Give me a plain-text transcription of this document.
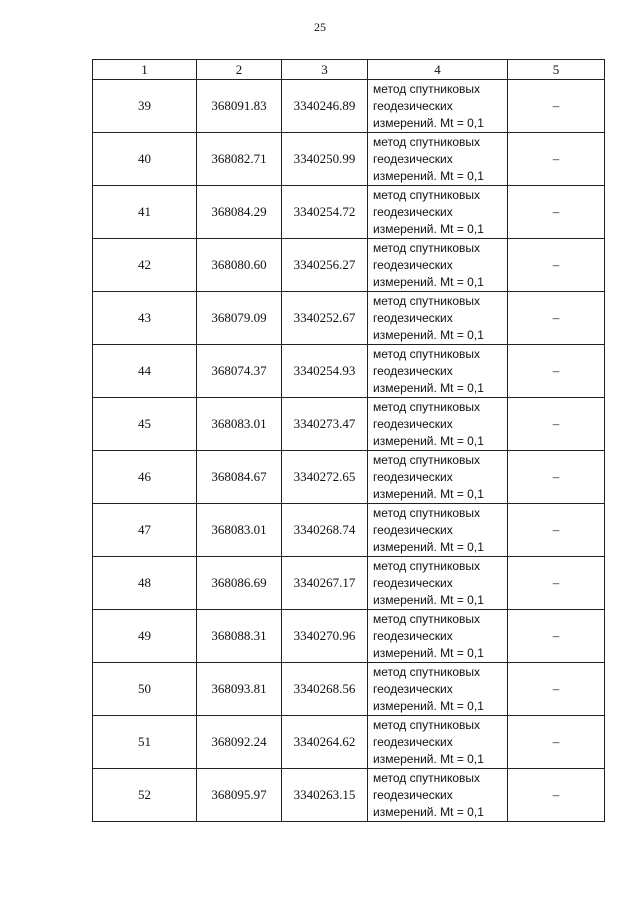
25
1	2	3	4	5
39	368091.83	3340246.89	метод спутниковых
геодезических
измерений. Mt = 0,1	–
40	368082.71	3340250.99	метод спутниковых
геодезических
измерений. Mt = 0,1	–
41	368084.29	3340254.72	метод спутниковых
геодезических
измерений. Mt = 0,1	–
42	368080.60	3340256.27	метод спутниковых
геодезических
измерений. Mt = 0,1	–
43	368079.09	3340252.67	метод спутниковых
геодезических
измерений. Mt = 0,1	–
44	368074.37	3340254.93	метод спутниковых
геодезических
измерений. Mt = 0,1	–
45	368083.01	3340273.47	метод спутниковых
геодезических
измерений. Mt = 0,1	–
46	368084.67	3340272.65	метод спутниковых
геодезических
измерений. Mt = 0,1	–
47	368083.01	3340268.74	метод спутниковых
геодезических
измерений. Mt = 0,1	–
48	368086.69	3340267.17	метод спутниковых
геодезических
измерений. Mt = 0,1	–
49	368088.31	3340270.96	метод спутниковых
геодезических
измерений. Mt = 0,1	–
50	368093.81	3340268.56	метод спутниковых
геодезических
измерений. Mt = 0,1	–
51	368092.24	3340264.62	метод спутниковых
геодезических
измерений. Mt = 0,1	–
52	368095.97	3340263.15	метод спутниковых
геодезических
измерений. Mt = 0,1	–
